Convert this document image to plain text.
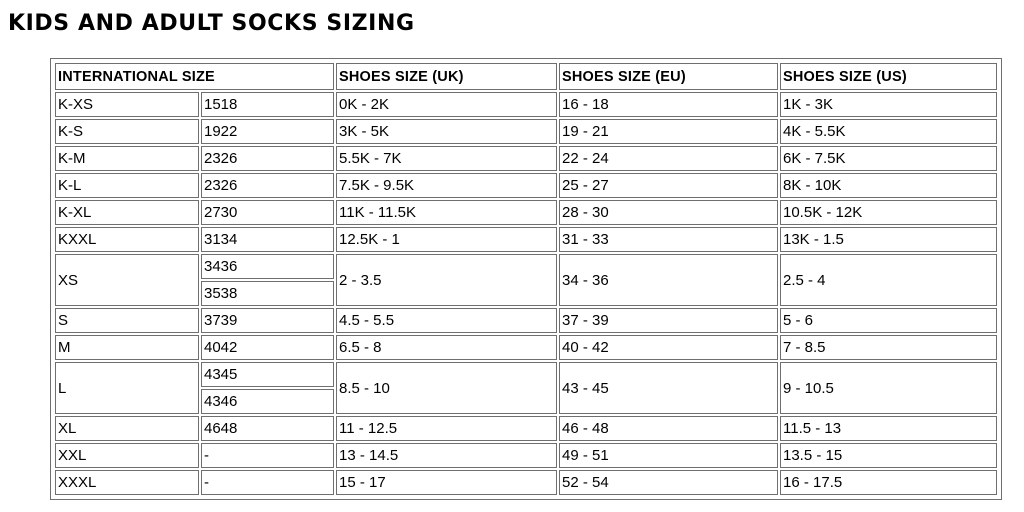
KIDS AND ADULT SOCKS SIZING
INTERNATIONAL SIZE		SHOES SIZE (UK)	SHOES SIZE (EU)	SHOES SIZE (US)
K-XS	1518	0K - 2K	16 - 18	1K - 3K
K-S	1922	3K - 5K	19 - 21	4K - 5.5K
K-M	2326	5.5K - 7K	22 - 24	6K - 7.5K
K-L	2326	7.5K - 9.5K	25 - 27	8K - 10K
K-XL	2730	11K - 11.5K	28 - 30	10.5K - 12K
KXXL	3134	12.5K - 1	31 - 33	13K - 1.5
XS	3436	2 - 3.5	34 - 36	2.5 - 4
	3538			
S	3739	4.5 - 5.5	37 - 39	5 - 6
M	4042	6.5 - 8	40 - 42	7 - 8.5
L	4345	8.5 - 10	43 - 45	9 - 10.5
	4346			
XL	4648	11 - 12.5	46 - 48	11.5 - 13
XXL	-	13 - 14.5	49 - 51	13.5 - 15
XXXL	-	15 - 17	52 - 54	16 - 17.5
